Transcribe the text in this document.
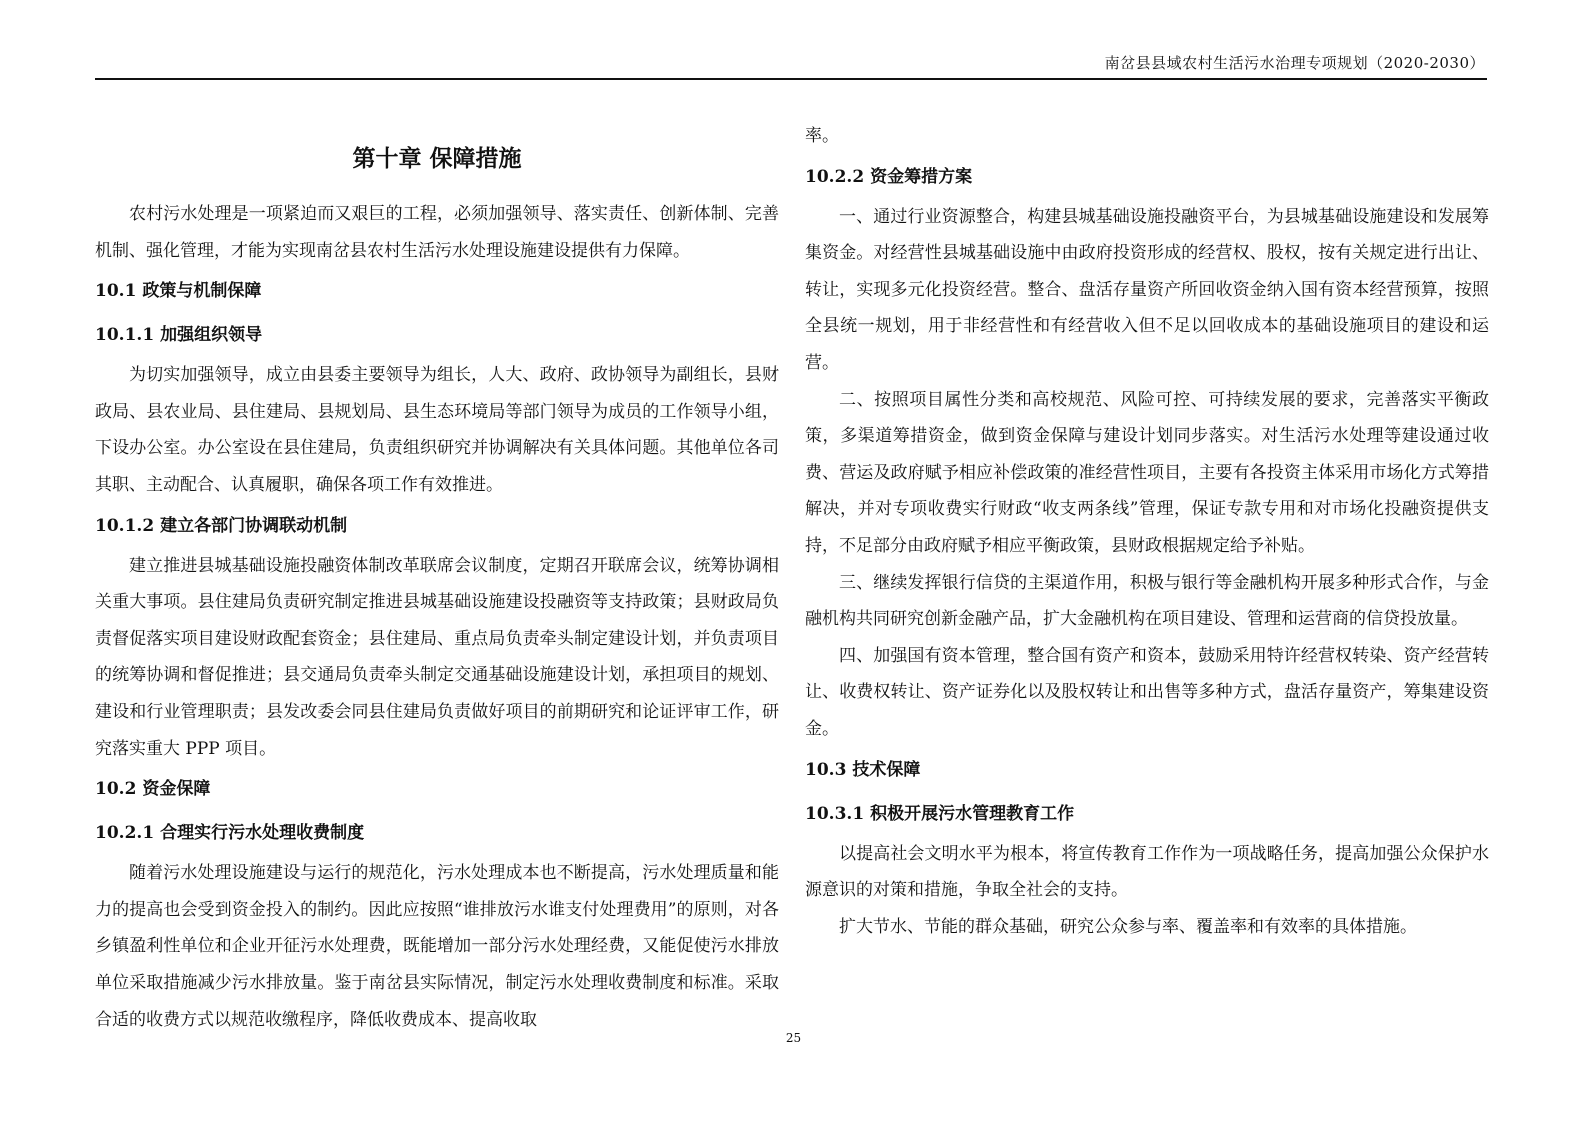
南岔县县域农村生活污水治理专项规划（2020-2030）
第十章 保障措施

农村污水处理是一项紧迫而又艰巨的工程，必须加强领导、落实责任、创新体制、完善机制、强化管理，才能为实现南岔县农村生活污水处理设施建设提供有力保障。

10.1 政策与机制保障
10.1.1 加强组织领导

为切实加强领导，成立由县委主要领导为组长，人大、政府、政协领导为副组长，县财政局、县农业局、县住建局、县规划局、县生态环境局等部门领导为成员的工作领导小组，下设办公室。办公室设在县住建局，负责组织研究并协调解决有关具体问题。其他单位各司其职、主动配合、认真履职，确保各项工作有效推进。

10.1.2 建立各部门协调联动机制

建立推进县城基础设施投融资体制改革联席会议制度，定期召开联席会议，统筹协调相关重大事项。县住建局负责研究制定推进县城基础设施建设投融资等支持政策；县财政局负责督促落实项目建设财政配套资金；县住建局、重点局负责牵头制定建设计划，并负责项目的统筹协调和督促推进；县交通局负责牵头制定交通基础设施建设计划，承担项目的规划、建设和行业管理职责；县发改委会同县住建局负责做好项目的前期研究和论证评审工作，研究落实重大 PPP 项目。

10.2 资金保障
10.2.1 合理实行污水处理收费制度

随着污水处理设施建设与运行的规范化，污水处理成本也不断提高，污水处理质量和能力的提高也会受到资金投入的制约。因此应按照“谁排放污水谁支付处理费用”的原则，对各乡镇盈利性单位和企业开征污水处理费，既能增加一部分污水处理经费，又能促使污水排放单位采取措施减少污水排放量。鉴于南岔县实际情况，制定污水处理收费制度和标准。采取合适的收费方式以规范收缴程序，降低收费成本、提高收取

率。

10.2.2 资金筹措方案

一、通过行业资源整合，构建县城基础设施投融资平台，为县城基础设施建设和发展筹集资金。对经营性县城基础设施中由政府投资形成的经营权、股权，按有关规定进行出让、转让，实现多元化投资经营。整合、盘活存量资产所回收资金纳入国有资本经营预算，按照全县统一规划，用于非经营性和有经营收入但不足以回收成本的基础设施项目的建设和运营。

二、按照项目属性分类和高校规范、风险可控、可持续发展的要求，完善落实平衡政策，多渠道筹措资金，做到资金保障与建设计划同步落实。对生活污水处理等建设通过收费、营运及政府赋予相应补偿政策的准经营性项目，主要有各投资主体采用市场化方式筹措解决，并对专项收费实行财政“收支两条线”管理，保证专款专用和对市场化投融资提供支持，不足部分由政府赋予相应平衡政策，县财政根据规定给予补贴。

三、继续发挥银行信贷的主渠道作用，积极与银行等金融机构开展多种形式合作，与金融机构共同研究创新金融产品，扩大金融机构在项目建设、管理和运营商的信贷投放量。

四、加强国有资本管理，整合国有资产和资本，鼓励采用特许经营权转染、资产经营转让、收费权转让、资产证券化以及股权转让和出售等多种方式，盘活存量资产，筹集建设资金。

10.3 技术保障
10.3.1 积极开展污水管理教育工作

以提高社会文明水平为根本，将宣传教育工作作为一项战略任务，提高加强公众保护水源意识的对策和措施，争取全社会的支持。

扩大节水、节能的群众基础，研究公众参与率、覆盖率和有效率的具体措施。

25
